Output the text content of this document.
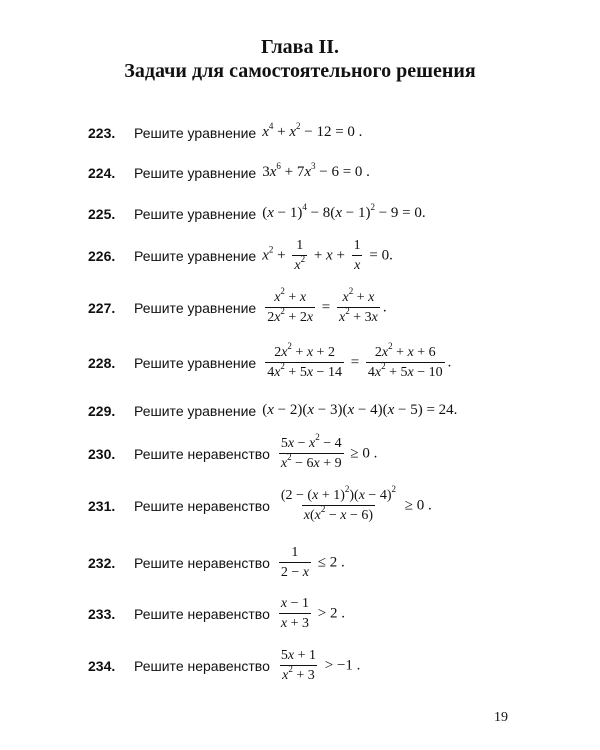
Глава II.
Задачи для самостоятельного решения
223.	Решите уравнение $x^4 + x^2 - 12 = 0$ .
224.	Решите уравнение $3x^6 + 7x^3 - 6 = 0$ .
225.	Решите уравнение $(x - 1)^4 - 8(x - 1)^2 - 9 = 0$.
226.	Решите уравнение $x^2 + \frac{1}{x^2} + x + \frac{1}{x} = 0$.
227.	Решите уравнение $\frac{x^2 + x}{2x^2 + 2x} = \frac{x^2 + x}{x^2 + 3x}$ .
228.	Решите уравнение $\frac{2x^2 + x + 2}{4x^2 + 5x - 14} = \frac{2x^2 + x + 6}{4x^2 + 5x - 10}$ .
229.	Решите уравнение (x − 2)(x − 3)(x − 4)(x − 5) = 24.
230.	Решите неравенство $\frac{5x - x^2 - 4}{x^2 - 6x + 9} \ge 0$ .
231.	Решите неравенство $\frac{(2 - (x + 1)^2)(x - 4)^2}{x(x^2 - x - 6)} \ge 0$ .
232.	Решите неравенство $\frac{1}{2 - x} \le 2$ .
233.	Решите неравенство $\frac{x - 1}{x + 3} > 2$ .
234.	Решите неравенство $\frac{5x + 1}{x^2 + 3} > -1$ .
19
